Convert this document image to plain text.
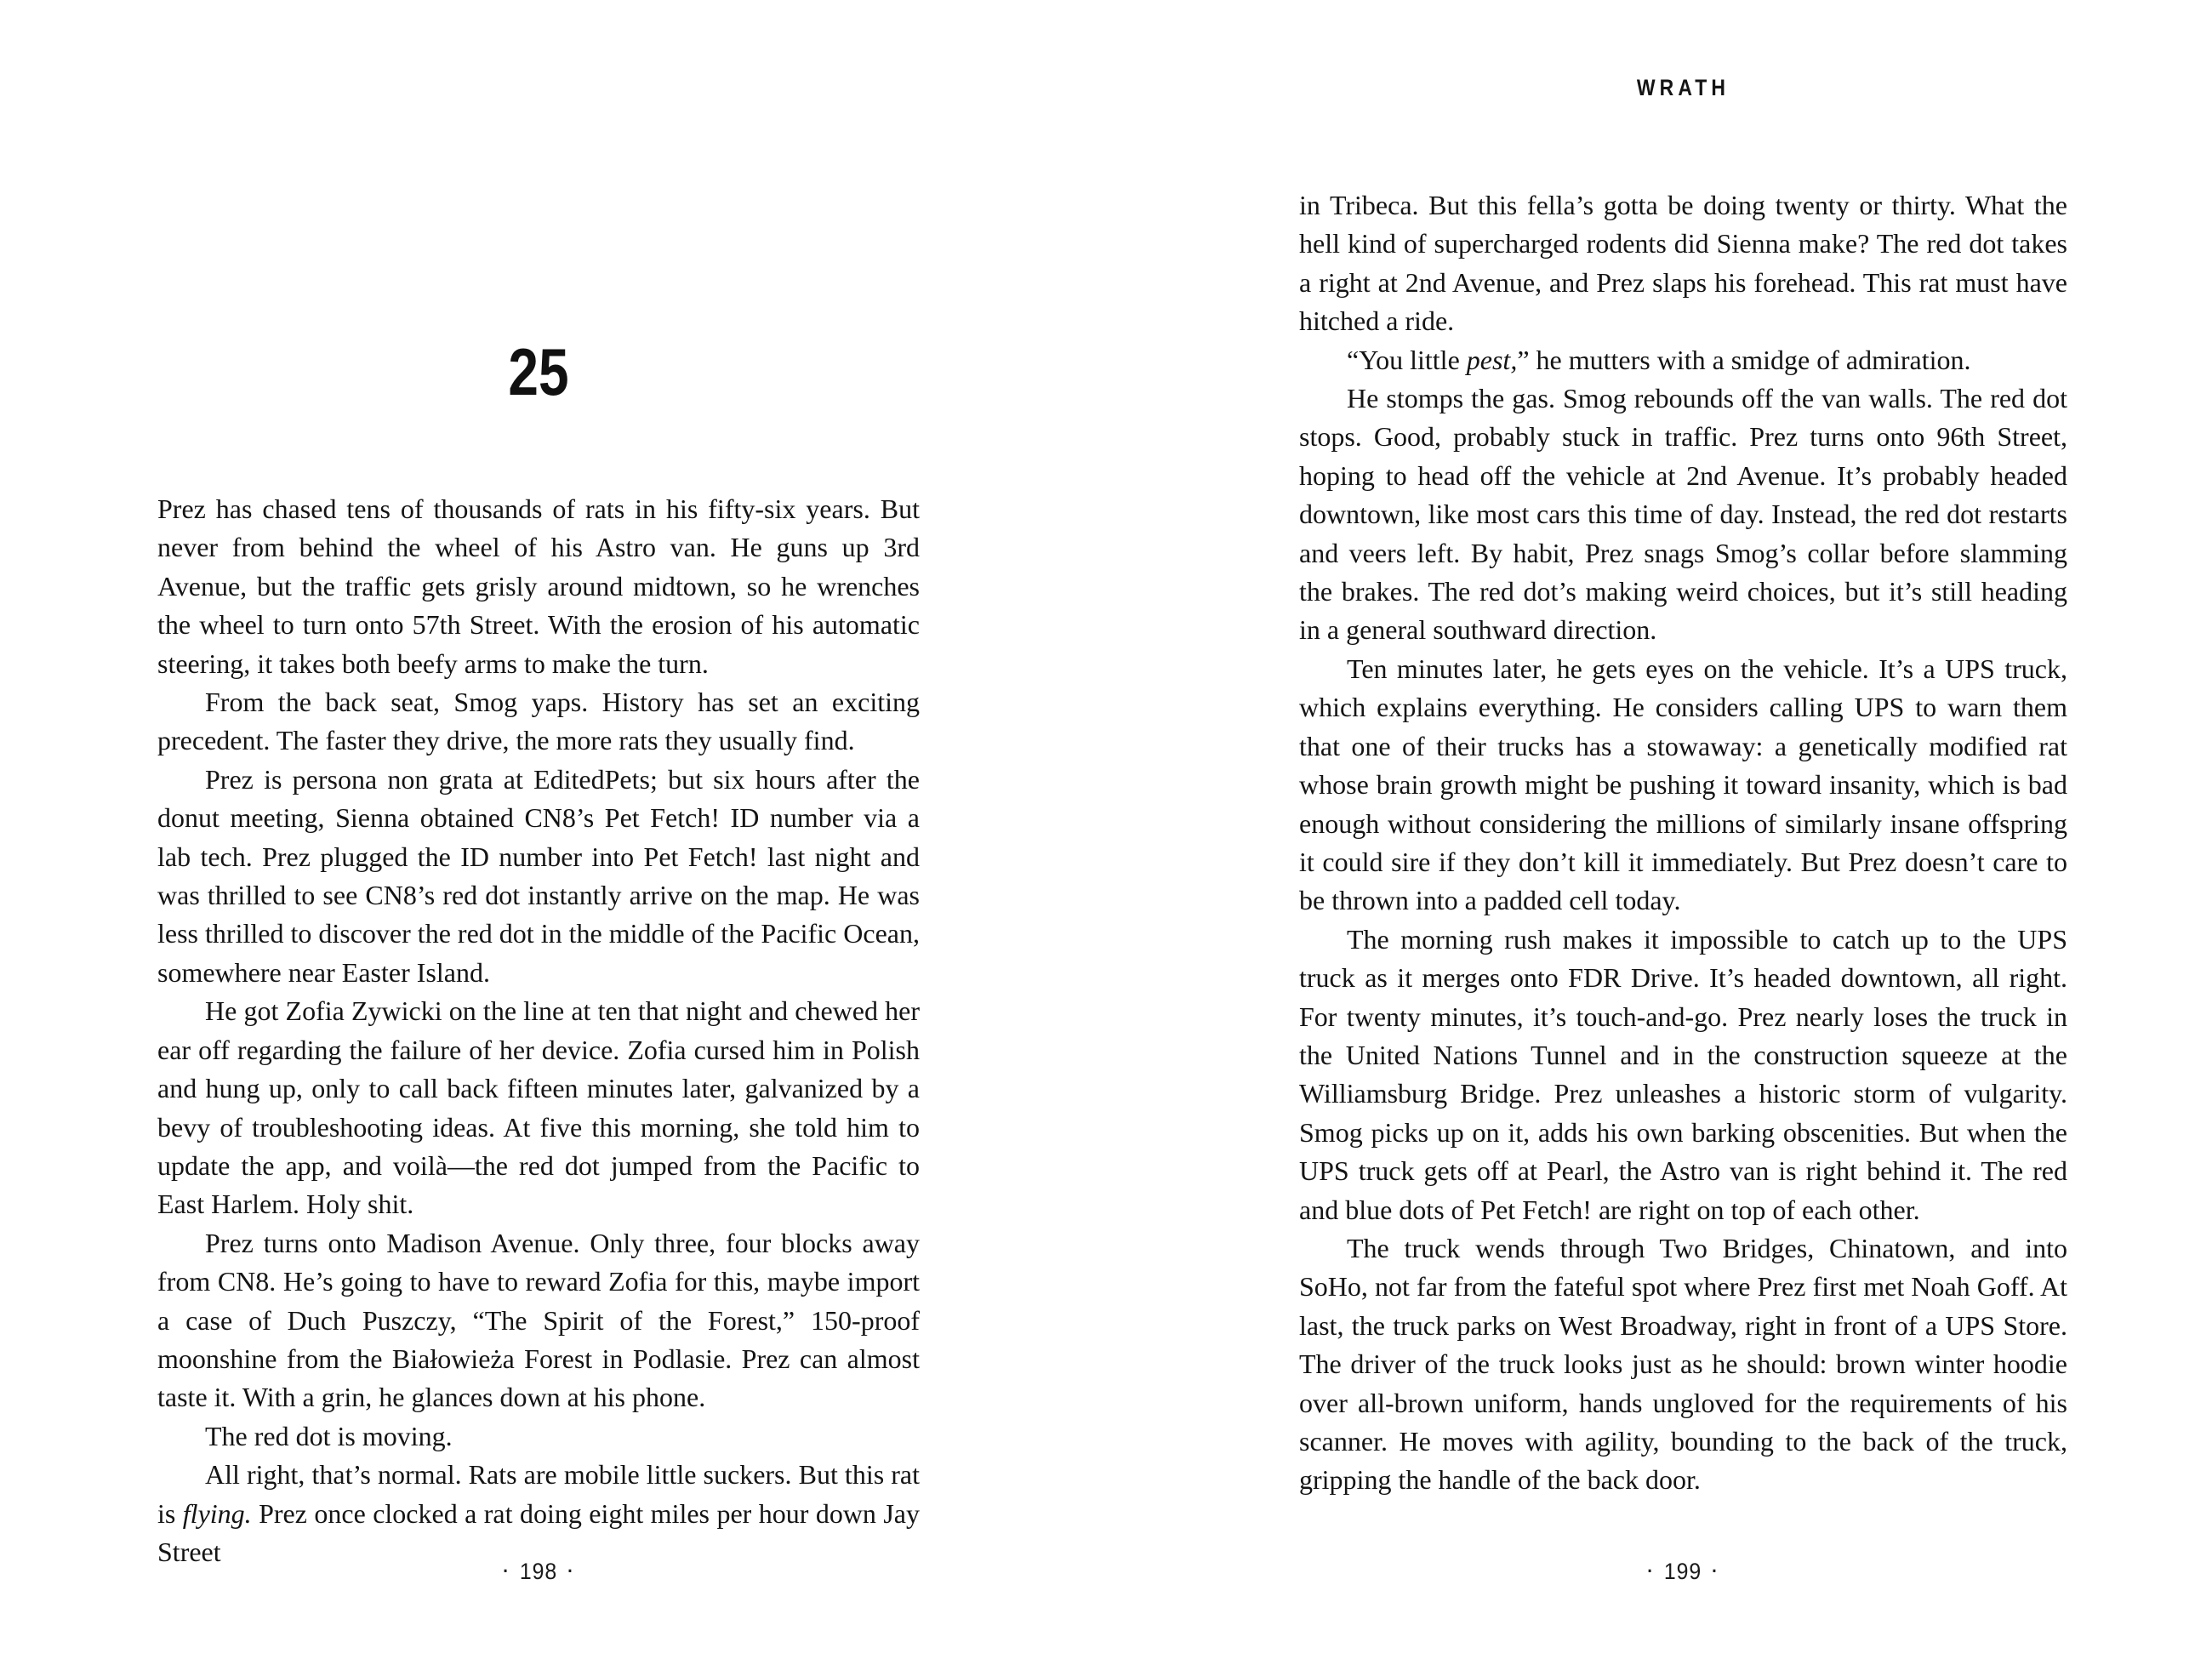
25

Prez has chased tens of thousands of rats in his fifty-six years. But never from behind the wheel of his Astro van. He guns up 3rd Avenue, but the traffic gets grisly around midtown, so he wrenches the wheel to turn onto 57th Street. With the erosion of his automatic steering, it takes both beefy arms to make the turn.

From the back seat, Smog yaps. History has set an exciting precedent. The faster they drive, the more rats they usually find.

Prez is persona non grata at EditedPets; but six hours after the donut meeting, Sienna obtained CN8’s Pet Fetch! ID number via a lab tech. Prez plugged the ID number into Pet Fetch! last night and was thrilled to see CN8’s red dot instantly arrive on the map. He was less thrilled to discover the red dot in the middle of the Pacific Ocean, somewhere near Easter Island.

He got Zofia Zywicki on the line at ten that night and chewed her ear off regarding the failure of her device. Zofia cursed him in Polish and hung up, only to call back fifteen minutes later, galvanized by a bevy of troubleshooting ideas. At five this morning, she told him to update the app, and voilà—the red dot jumped from the Pacific to East Harlem. Holy shit.

Prez turns onto Madison Avenue. Only three, four blocks away from CN8. He’s going to have to reward Zofia for this, maybe import a case of Duch Puszczy, “The Spirit of the Forest,” 150-proof moonshine from the Białowieża Forest in Podlasie. Prez can almost taste it. With a grin, he glances down at his phone.

The red dot is moving.

All right, that’s normal. Rats are mobile little suckers. But this rat is flying. Prez once clocked a rat doing eight miles per hour down Jay Street

· 198 ·
WRATH

in Tribeca. But this fella’s gotta be doing twenty or thirty. What the hell kind of supercharged rodents did Sienna make? The red dot takes a right at 2nd Avenue, and Prez slaps his forehead. This rat must have hitched a ride.

“You little pest,” he mutters with a smidge of admiration.

He stomps the gas. Smog rebounds off the van walls. The red dot stops. Good, probably stuck in traffic. Prez turns onto 96th Street, hoping to head off the vehicle at 2nd Avenue. It’s probably headed downtown, like most cars this time of day. Instead, the red dot restarts and veers left. By habit, Prez snags Smog’s collar before slamming the brakes. The red dot’s making weird choices, but it’s still heading in a general southward direction.

Ten minutes later, he gets eyes on the vehicle. It’s a UPS truck, which explains everything. He considers calling UPS to warn them that one of their trucks has a stowaway: a genetically modified rat whose brain growth might be pushing it toward insanity, which is bad enough without considering the millions of similarly insane offspring it could sire if they don’t kill it immediately. But Prez doesn’t care to be thrown into a padded cell today.

The morning rush makes it impossible to catch up to the UPS truck as it merges onto FDR Drive. It’s headed downtown, all right. For twenty minutes, it’s touch-and-go. Prez nearly loses the truck in the United Nations Tunnel and in the construction squeeze at the Williamsburg Bridge. Prez unleashes a historic storm of vulgarity. Smog picks up on it, adds his own barking obscenities. But when the UPS truck gets off at Pearl, the Astro van is right behind it. The red and blue dots of Pet Fetch! are right on top of each other.

The truck wends through Two Bridges, Chinatown, and into SoHo, not far from the fateful spot where Prez first met Noah Goff. At last, the truck parks on West Broadway, right in front of a UPS Store. The driver of the truck looks just as he should: brown winter hoodie over all-brown uniform, hands ungloved for the requirements of his scanner. He moves with agility, bounding to the back of the truck, gripping the handle of the back door.

· 199 ·
